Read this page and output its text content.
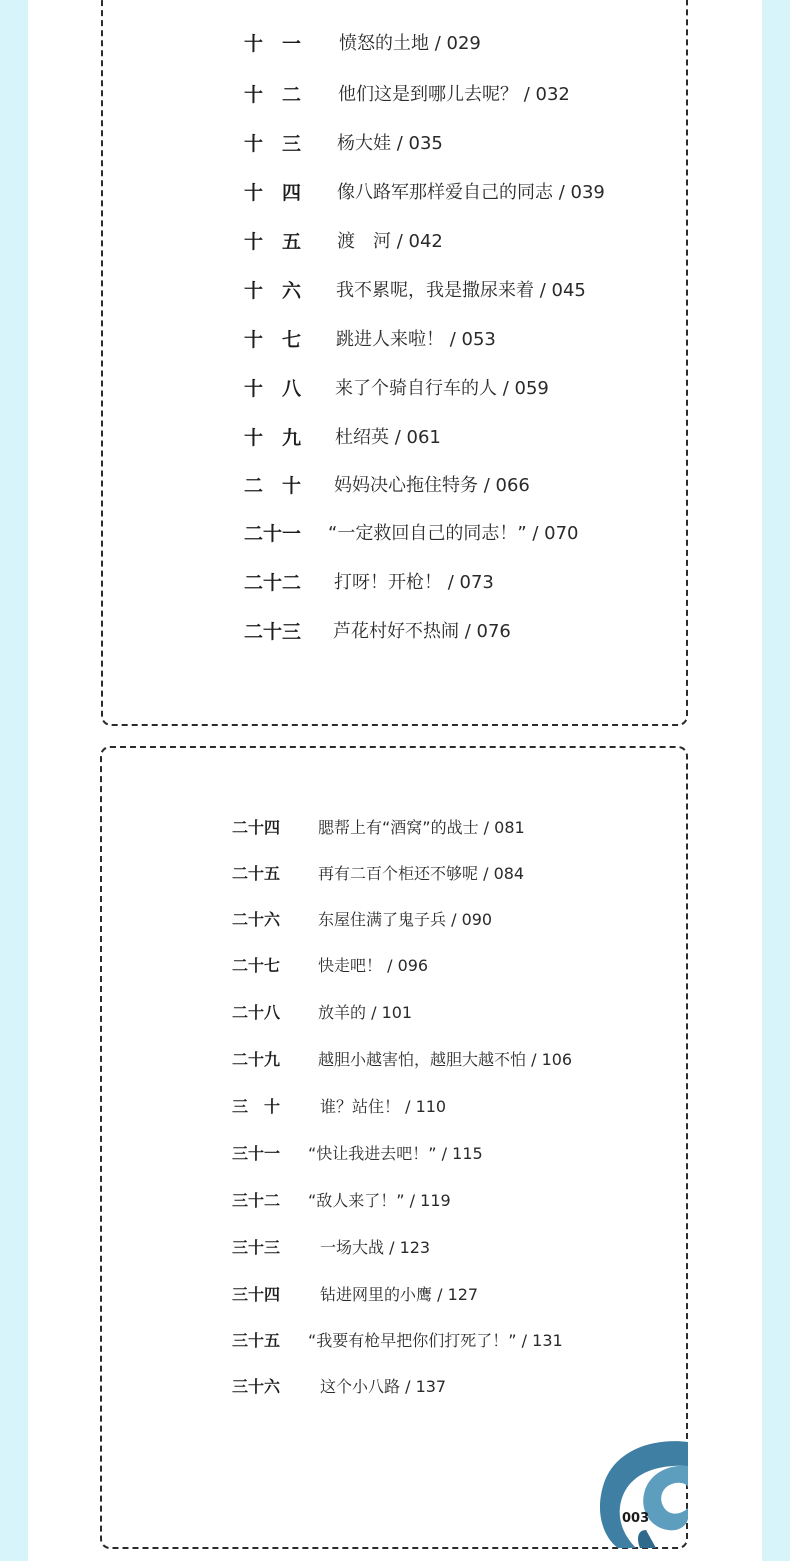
十　一 愤怒的土地 / 029
十　二 他们这是到哪儿去呢？ / 032
十　三 杨大娃 / 035
十　四 像八路军那样爱自己的同志 / 039
十　五 渡　河 / 042
十　六 我不累呢，我是撒尿来着 / 045
十　七 跳进人来啦！ / 053
十　八 来了个骑自行车的人 / 059
十　九 杜绍英 / 061
二　十 妈妈决心拖住特务 / 066
二十一 “一定救回自己的同志！” / 070
二十二 打呀！开枪！ / 073
二十三 芦花村好不热闹 / 076
二十四 腮帮上有“酒窝”的战士 / 081
二十五 再有二百个柜还不够呢 / 084
二十六 东屋住满了鬼子兵 / 090
二十七 快走吧！ / 096
二十八 放羊的 / 101
二十九 越胆小越害怕，越胆大越不怕 / 106
三　十 谁？站住！ / 110
三十一 “快让我进去吧！” / 115
三十二 “敌人来了！” / 119
三十三 一场大战 / 123
三十四 钻进网里的小鹰 / 127
三十五 “我要有枪早把你们打死了！” / 131
三十六 这个小八路 / 137
003
